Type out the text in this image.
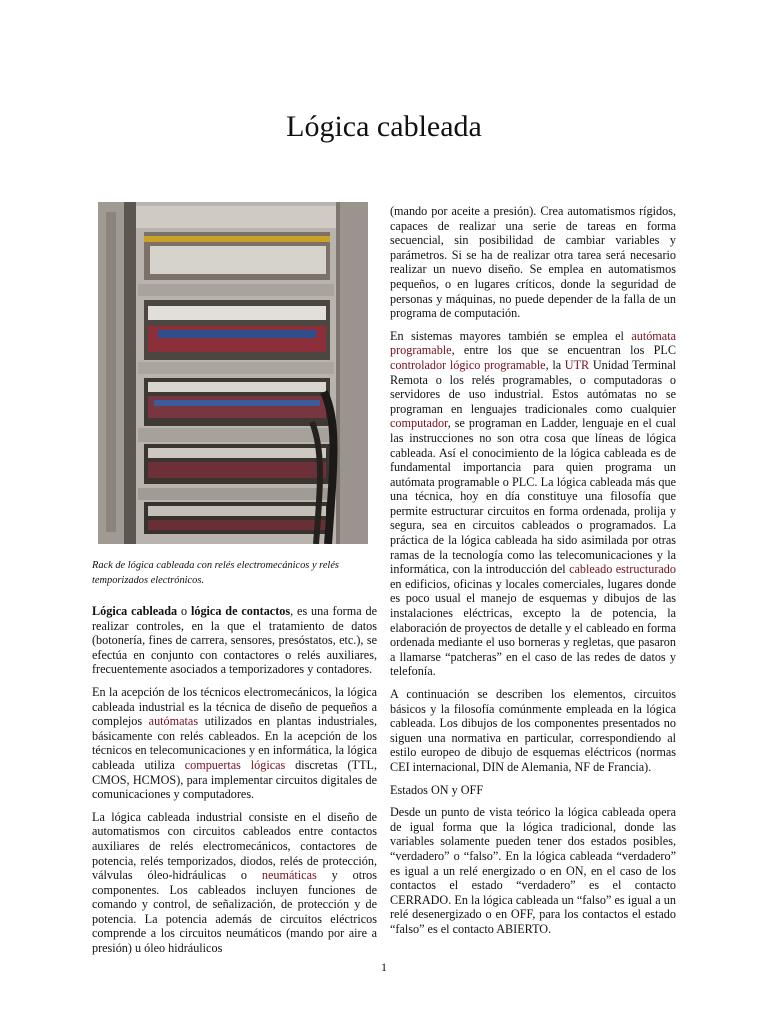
Lógica cableada
Rack de lógica cableada con relés electromecánicos y relés temporizados electrónicos.

Lógica cableada o lógica de contactos, es una forma de realizar controles, en la que el tratamiento de datos (botonería, fines de carrera, sensores, presóstatos, etc.), se efectúa en conjunto con contactores o relés auxiliares, frecuentemente asociados a temporizadores y contadores.

En la acepción de los técnicos electromecánicos, la lógica cableada industrial es la técnica de diseño de pequeños a complejos autómatas utilizados en plantas industriales, básicamente con relés cableados. En la acepción de los técnicos en telecomunicaciones y en informática, la lógica cableada utiliza compuertas lógicas discretas (TTL, CMOS, HCMOS), para implementar circuitos digitales de comunicaciones y computadores.

La lógica cableada industrial consiste en el diseño de automatismos con circuitos cableados entre contactos auxiliares de relés electromecánicos, contactores de potencia, relés temporizados, diodos, relés de protección, válvulas óleo-hidráulicas o neumáticas y otros componentes. Los cableados incluyen funciones de comando y control, de señalización, de protección y de potencia. La potencia además de circuitos eléctricos comprende a los circuitos neumáticos (mando por aire a presión) u óleo hidráulicos

(mando por aceite a presión). Crea automatismos rígidos, capaces de realizar una serie de tareas en forma secuencial, sin posibilidad de cambiar variables y parámetros. Si se ha de realizar otra tarea será necesario realizar un nuevo diseño. Se emplea en automatismos pequeños, o en lugares críticos, donde la seguridad de personas y máquinas, no puede depender de la falla de un programa de computación.

En sistemas mayores también se emplea el autómata programable, entre los que se encuentran los PLC controlador lógico programable, la UTR Unidad Terminal Remota o los relés programables, o computadoras o servidores de uso industrial. Estos autómatas no se programan en lenguajes tradicionales como cualquier computador, se programan en Ladder, lenguaje en el cual las instrucciones no son otra cosa que líneas de lógica cableada. Así el conocimiento de la lógica cableada es de fundamental importancia para quien programa un autómata programable o PLC. La lógica cableada más que una técnica, hoy en día constituye una filosofía que permite estructurar circuitos en forma ordenada, prolija y segura, sea en circuitos cableados o programados. La práctica de la lógica cableada ha sido asimilada por otras ramas de la tecnología como las telecomunicaciones y la informática, con la introducción del cableado estructurado en edificios, oficinas y locales comerciales, lugares donde es poco usual el manejo de esquemas y dibujos de las instalaciones eléctricas, excepto la de potencia, la elaboración de proyectos de detalle y el cableado en forma ordenada mediante el uso borneras y regletas, que pasaron a llamarse “patcheras” en el caso de las redes de datos y telefonía.

A continuación se describen los elementos, circuitos básicos y la filosofía comúnmente empleada en la lógica cableada. Los dibujos de los componentes presentados no siguen una normativa en particular, correspondiendo al estilo europeo de dibujo de esquemas eléctricos (normas CEI internacional, DIN de Alemania, NF de Francia).

Estados ON y OFF

Desde un punto de vista teórico la lógica cableada opera de igual forma que la lógica tradicional, donde las variables solamente pueden tener dos estados posibles, “verdadero” o “falso”. En la lógica cableada “verdadero” es igual a un relé energizado o en ON, en el caso de los contactos el estado “verdadero” es el contacto CERRADO. En la lógica cableada un “falso” es igual a un relé desenergizado o en OFF, para los contactos el estado “falso” es el contacto ABIERTO.

1
